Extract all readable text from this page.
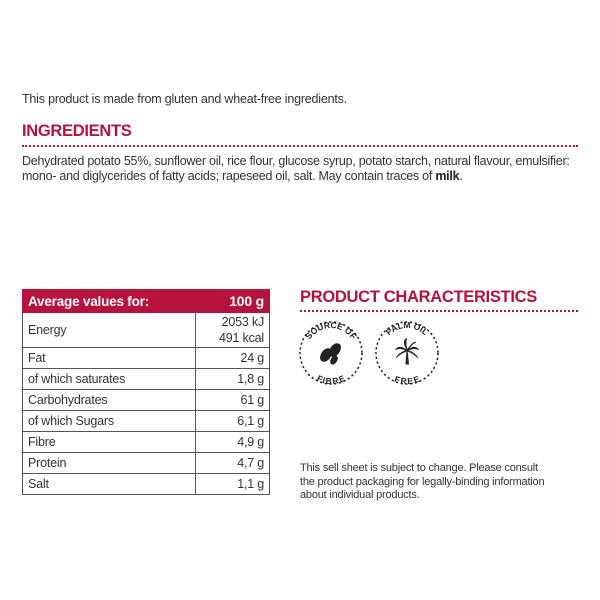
This product is made from gluten and wheat-free ingredients.
INGREDIENTS
Dehydrated potato 55%, sunflower oil, rice flour, glucose syrup, potato starch, natural flavour, emulsifier: mono- and diglycerides of fatty acids; rapeseed oil, salt. May contain traces of milk.
Average values for:	100 g
Energy	2053 kJ
491 kcal
Fat	24 g
of which saturates	1,8 g
Carbohydrates	61 g
of which Sugars	6,1 g
Fibre	4,9 g
Protein	4,7 g
Salt	1,1 g
PRODUCT CHARACTERISTICS
SOURCE OF
FIBRE
PALM OIL
FREE
This sell sheet is subject to change. Please consult the product packaging for legally-binding information about individual products.
